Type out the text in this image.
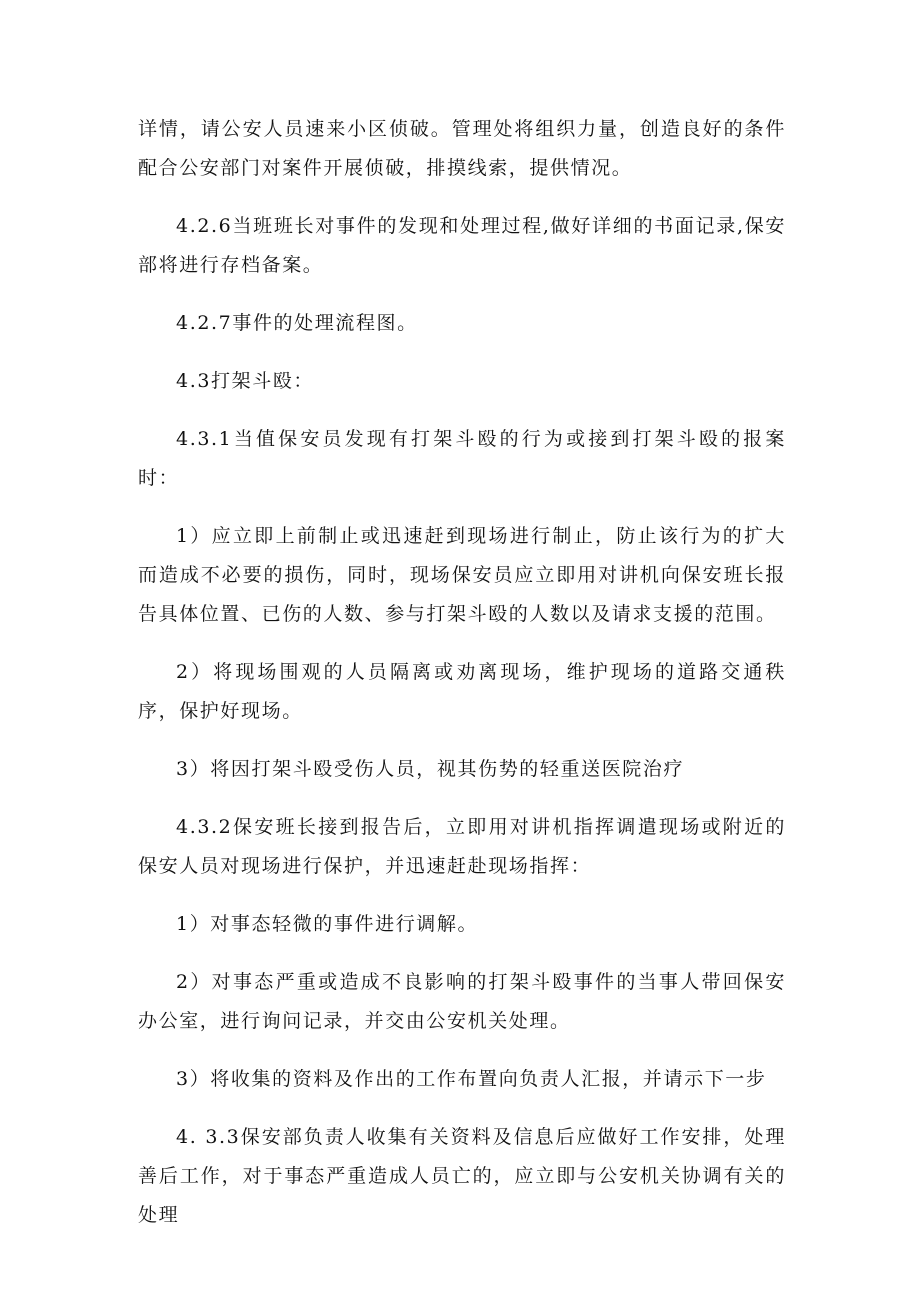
详情，请公安人员速来小区侦破。管理处将组织力量，创造良好的条件配合公安部门对案件开展侦破，排摸线索，提供情况。

4.2.6当班班长对事件的发现和处理过程,做好详细的书面记录,保安部将进行存档备案。

4.2.7事件的处理流程图。

4.3打架斗殴：

4.3.1当值保安员发现有打架斗殴的行为或接到打架斗殴的报案时：

1）应立即上前制止或迅速赶到现场进行制止，防止该行为的扩大而造成不必要的损伤，同时，现场保安员应立即用对讲机向保安班长报告具体位置、已伤的人数、参与打架斗殴的人数以及请求支援的范围。

2）将现场围观的人员隔离或劝离现场，维护现场的道路交通秩序，保护好现场。

3）将因打架斗殴受伤人员，视其伤势的轻重送医院治疗

4.3.2保安班长接到报告后，立即用对讲机指挥调遣现场或附近的保安人员对现场进行保护，并迅速赶赴现场指挥：

1）对事态轻微的事件进行调解。

2）对事态严重或造成不良影响的打架斗殴事件的当事人带回保安办公室，进行询问记录，并交由公安机关处理。

3）将收集的资料及作出的工作布置向负责人汇报，并请示下一步

4. 3.3保安部负责人收集有关资料及信息后应做好工作安排，处理善后工作，对于事态严重造成人员亡的，应立即与公安机关协调有关的处理
